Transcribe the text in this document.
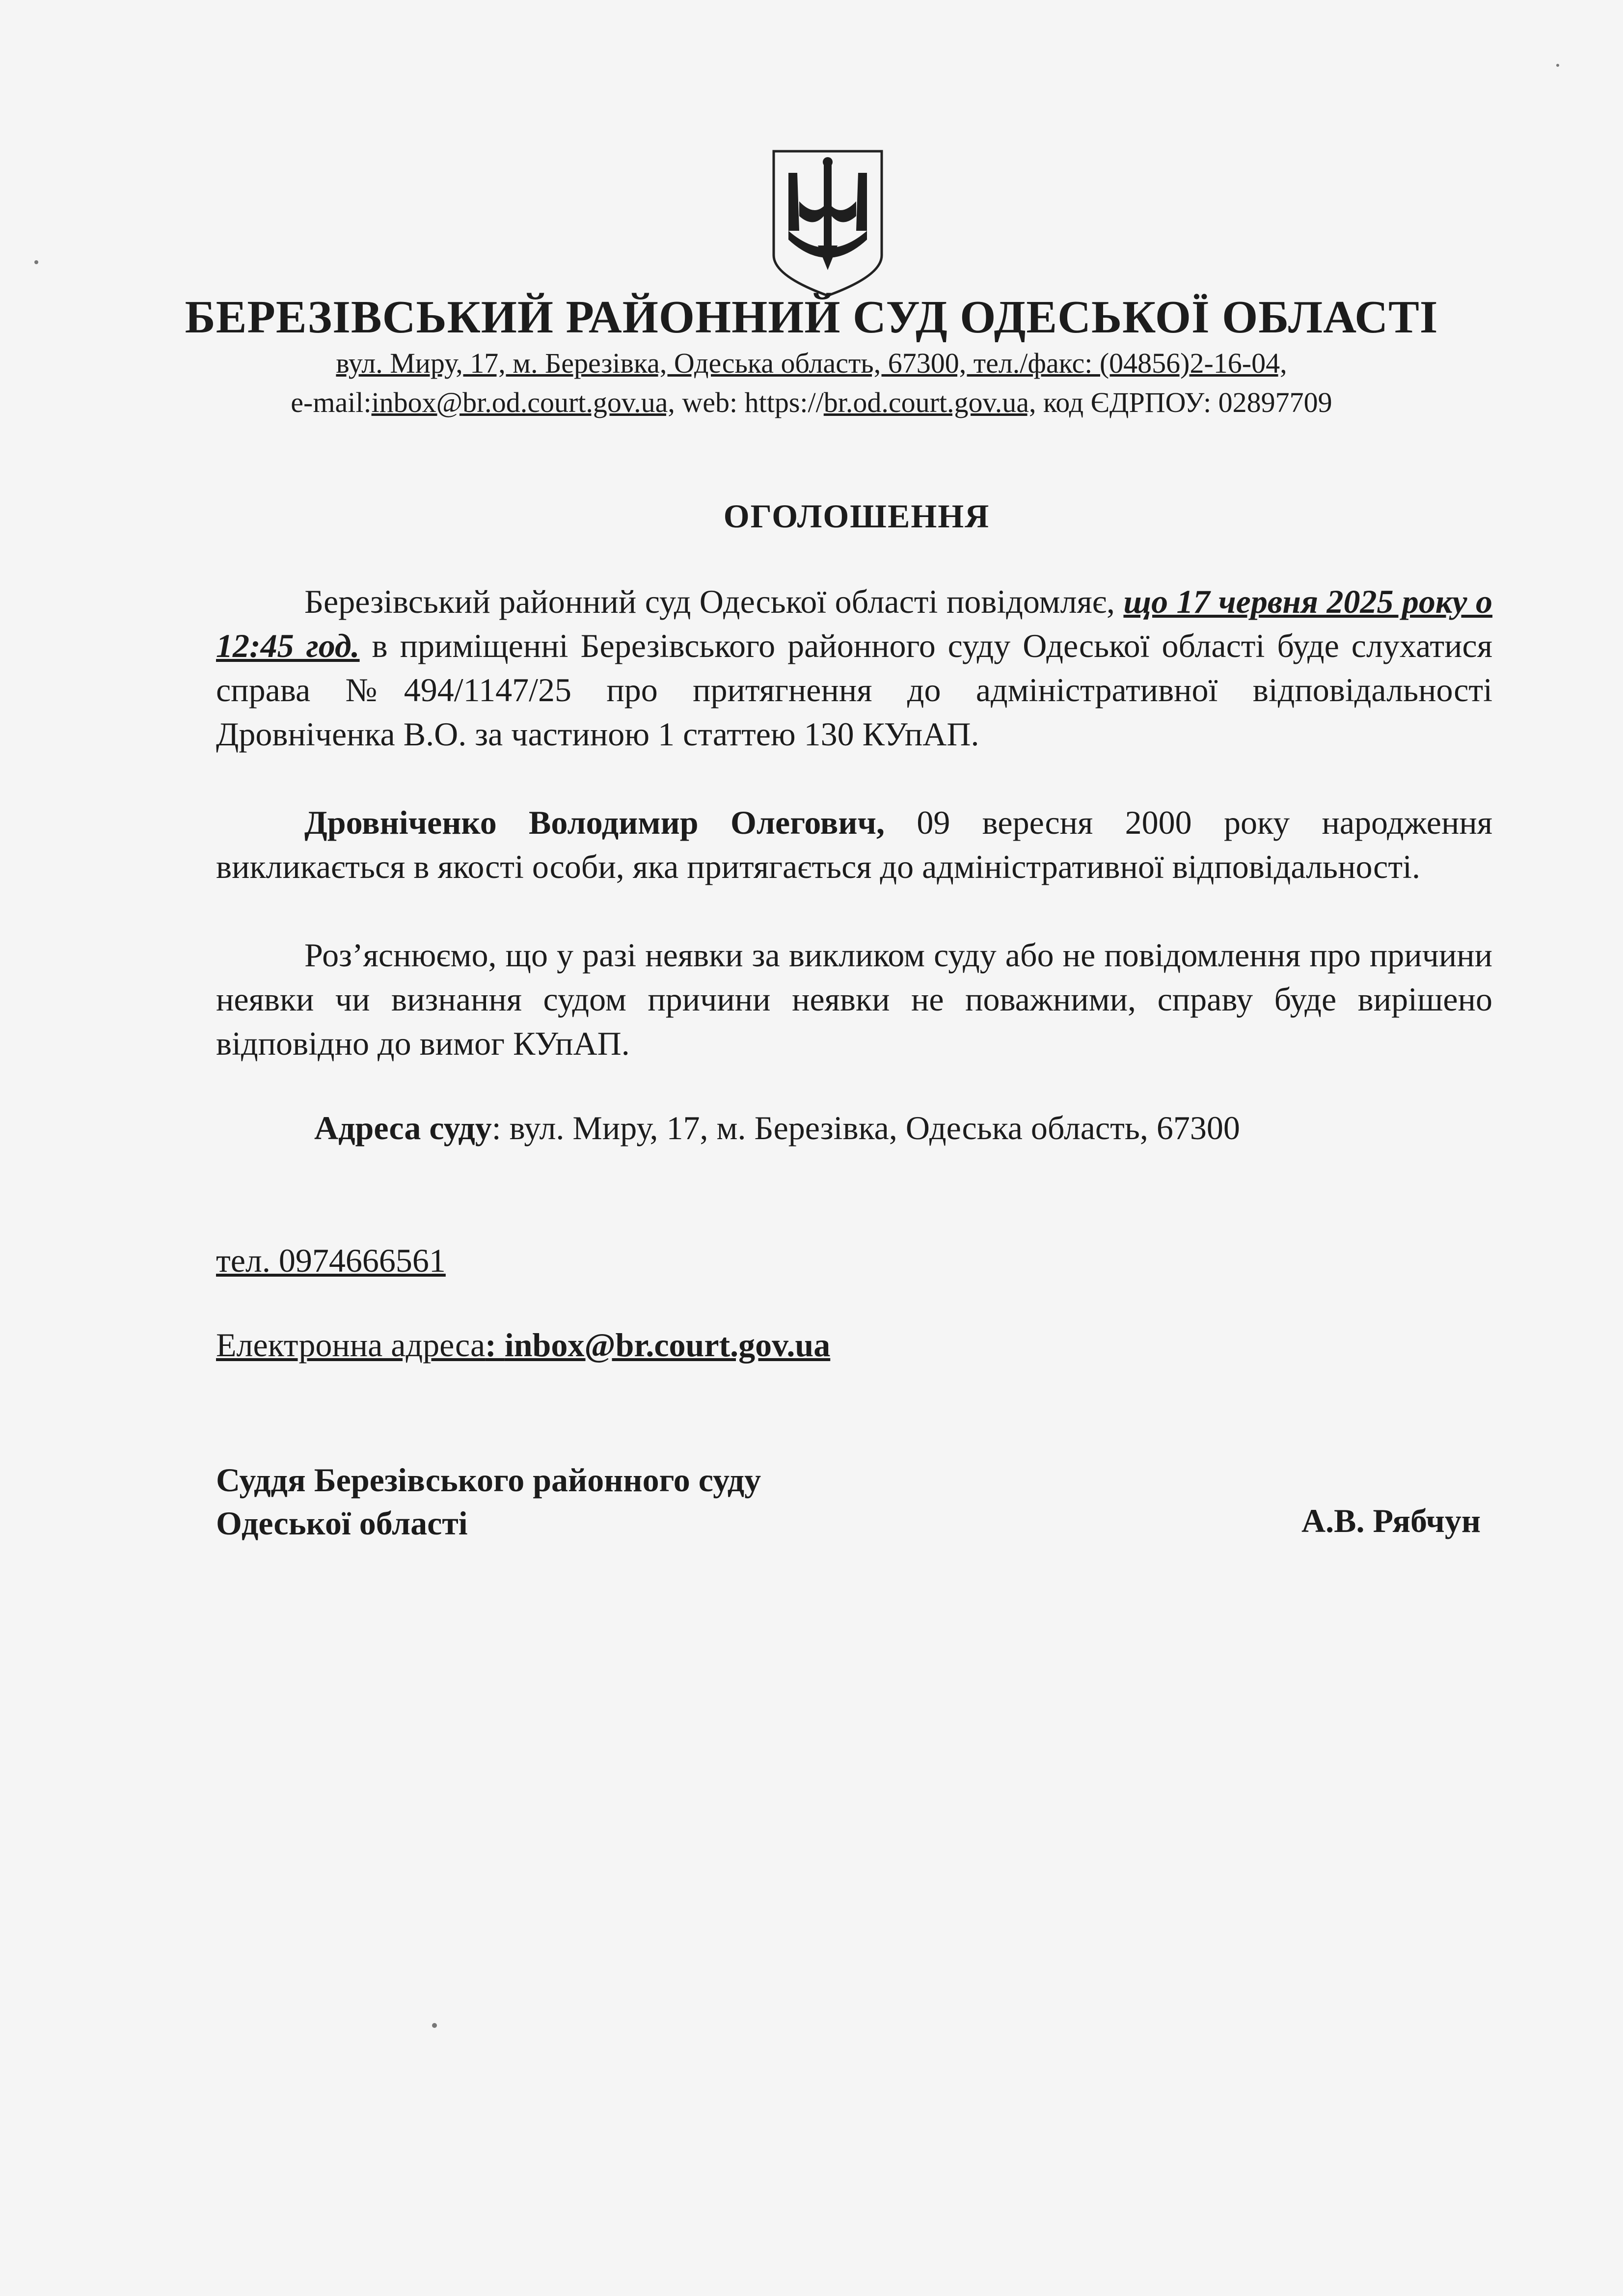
БЕРЕЗІВСЬКИЙ РАЙОННИЙ СУД ОДЕСЬКОЇ ОБЛАСТІ
вул. Миру, 17, м. Березівка, Одеська область, 67300, тел./факс: (04856)2-16-04,
e-mail:inbox@br.od.court.gov.ua, web: https://br.od.court.gov.ua, код ЄДРПОУ: 02897709
ОГОЛОШЕННЯ

Березівський районний суд Одеської області повідомляє, що 17 червня 2025 року о 12:45 год. в приміщенні Березівського районного суду Одеської області буде слухатися справа №494/1147/25 про притягнення до адміністративної відповідальності Дровніченка В.О. за частиною 1 статтею 130 КУпАП.

Дровніченко Володимир Олегович, 09 вересня 2000 року народження викликається в якості особи, яка притягається до адміністративної відповідальності.

Роз’яснюємо, що у разі неявки за викликом суду або не повідомлення про причини неявки чи визнання судом причини неявки не поважними, справу буде вирішено відповідно до вимог КУпАП.

Адреса суду: вул. Миру, 17, м. Березівка, Одеська область, 67300
тел. 0974666561
Електронна адреса: inbox@br.court.gov.ua
Суддя Березівського районного суду
Одеської області	А.В. Рябчун
